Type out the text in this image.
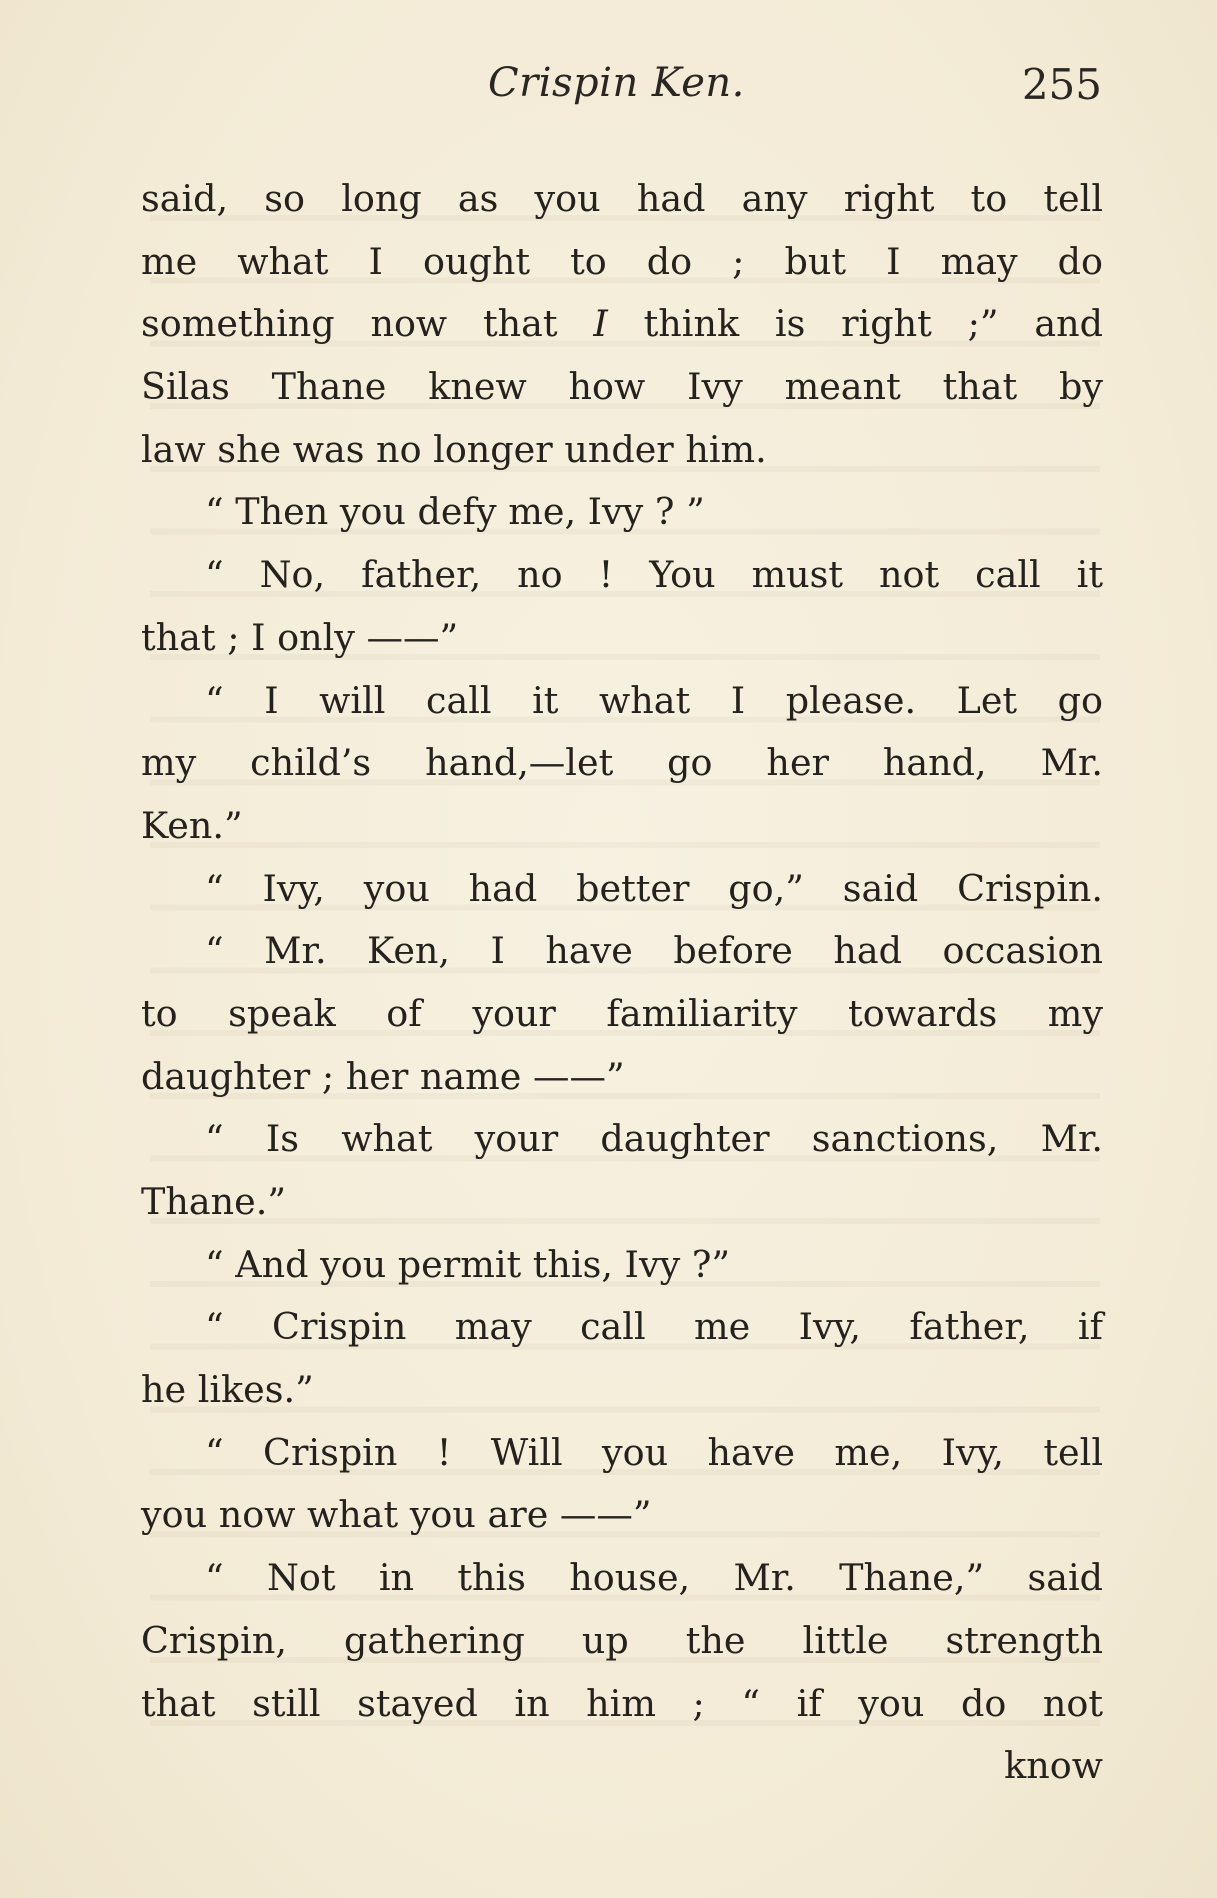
Crispin Ken.	255
said, so long as you had any right to tell
me what I ought to do ; but I may do
something now that I think is right ;” and
Silas Thane knew how Ivy meant that by
law she was no longer under him.
“ Then you defy me, Ivy ? ”
“ No, father, no ! You must not call it
that ; I only ——”
“ I will call it what I please. Let go
my child’s hand,—let go her hand, Mr.
Ken.”
“ Ivy, you had better go,” said Crispin.
“ Mr. Ken, I have before had occasion
to speak of your familiarity towards my
daughter ; her name ——”
“ Is what your daughter sanctions, Mr.
Thane.”
“ And you permit this, Ivy ?”
“ Crispin may call me Ivy, father, if
he likes.”
“ Crispin ! Will you have me, Ivy, tell
you now what you are ——”
“ Not in this house, Mr. Thane,” said
Crispin, gathering up the little strength
that still stayed in him ; “ if you do not
know
